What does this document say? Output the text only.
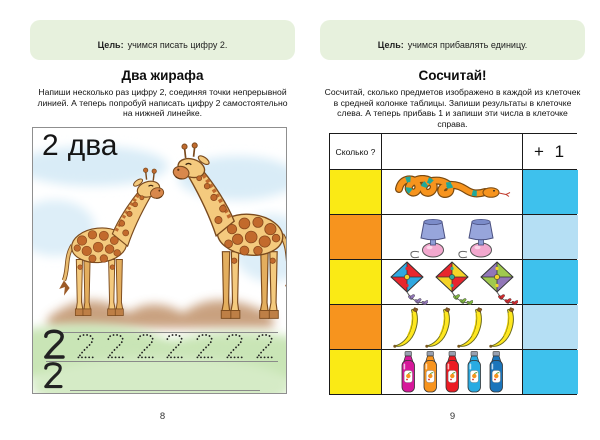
Цель: учимся писать цифру 2.
Два жирафа

Напиши несколько раз цифру 2, соединяя точки непрерывной линией. А теперь попробуй написать цифру 2 самостоятельно на нижней линейке.

2 два
8
Цель: учимся прибавлять единицу.
Сосчитай!

Сосчитай, сколько предметов изображено в каждой из клеточек в средней колонке таблицы. Запиши результаты в клеточке слева. А теперь прибавь 1 и запиши эти числа в клеточке справа.

Сколько ?	+ 1
9
